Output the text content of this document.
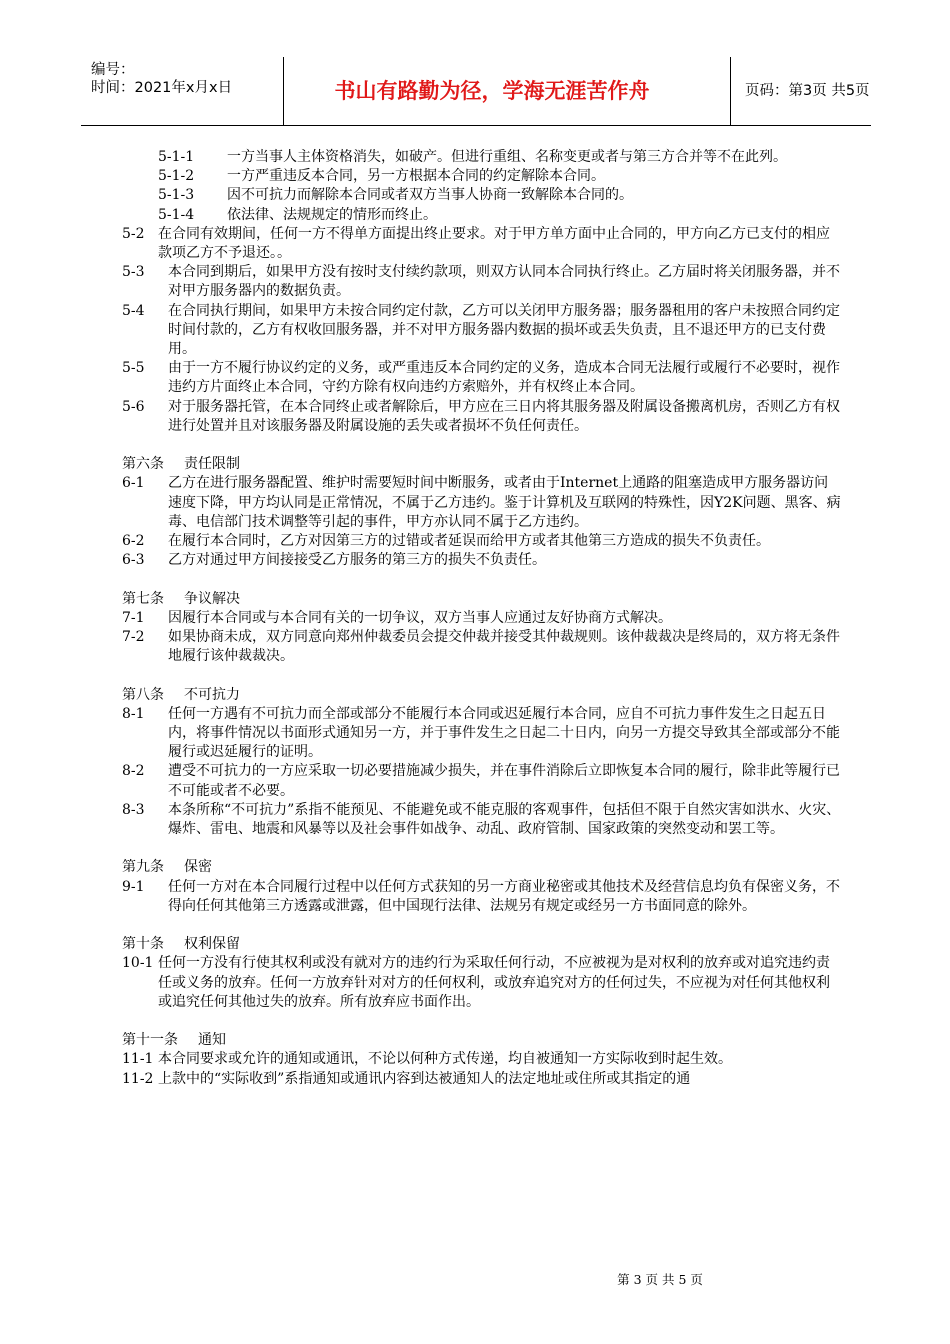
编号：
时间：2021年x月x日	书山有路勤为径，学海无涯苦作舟	页码：第3页 共5页
5-1-1 一方当事人主体资格消失，如破产。但进行重组、名称变更或者与第三方合并等不在此列。
5-1-2 一方严重违反本合同，另一方根据本合同的约定解除本合同。
5-1-3 因不可抗力而解除本合同或者双方当事人协商一致解除本合同的。
5-1-4 依法律、法规规定的情形而终止。
5-2 在合同有效期间，任何一方不得单方面提出终止要求。对于甲方单方面中止合同的，甲方向乙方已支付的相应款项乙方不予退还。。
5-3 本合同到期后，如果甲方没有按时支付续约款项，则双方认同本合同执行终止。乙方届时将关闭服务器，并不对甲方服务器内的数据负责。
5-4 在合同执行期间，如果甲方未按合同约定付款，乙方可以关闭甲方服务器；服务器租用的客户未按照合同约定时间付款的，乙方有权收回服务器，并不对甲方服务器内数据的损坏或丢失负责，且不退还甲方的已支付费用。
5-5 由于一方不履行协议约定的义务，或严重违反本合同约定的义务，造成本合同无法履行或履行不必要时，视作违约方片面终止本合同，守约方除有权向违约方索赔外，并有权终止本合同。
5-6 对于服务器托管，在本合同终止或者解除后，甲方应在三日内将其服务器及附属设备搬离机房，否则乙方有权进行处置并且对该服务器及附属设施的丢失或者损坏不负任何责任。
第六条 责任限制
6-1 乙方在进行服务器配置、维护时需要短时间中断服务，或者由于Internet上通路的阻塞造成甲方服务器访问速度下降，甲方均认同是正常情况，不属于乙方违约。鉴于计算机及互联网的特殊性，因Y2K问题、黑客、病毒、电信部门技术调整等引起的事件，甲方亦认同不属于乙方违约。
6-2 在履行本合同时，乙方对因第三方的过错或者延误而给甲方或者其他第三方造成的损失不负责任。
6-3 乙方对通过甲方间接接受乙方服务的第三方的损失不负责任。
第七条 争议解决
7-1 因履行本合同或与本合同有关的一切争议，双方当事人应通过友好协商方式解决。
7-2 如果协商未成，双方同意向郑州仲裁委员会提交仲裁并接受其仲裁规则。该仲裁裁决是终局的，双方将无条件地履行该仲裁裁决。
第八条 不可抗力
8-1 任何一方遇有不可抗力而全部或部分不能履行本合同或迟延履行本合同，应自不可抗力事件发生之日起五日内，将事件情况以书面形式通知另一方，并于事件发生之日起二十日内，向另一方提交导致其全部或部分不能履行或迟延履行的证明。
8-2 遭受不可抗力的一方应采取一切必要措施减少损失，并在事件消除后立即恢复本合同的履行，除非此等履行已不可能或者不必要。
8-3 本条所称“不可抗力”系指不能预见、不能避免或不能克服的客观事件，包括但不限于自然灾害如洪水、火灾、爆炸、雷电、地震和风暴等以及社会事件如战争、动乱、政府管制、国家政策的突然变动和罢工等。
第九条 保密
9-1 任何一方对在本合同履行过程中以任何方式获知的另一方商业秘密或其他技术及经营信息均负有保密义务，不得向任何其他第三方透露或泄露，但中国现行法律、法规另有规定或经另一方书面同意的除外。
第十条 权利保留
10-1 任何一方没有行使其权利或没有就对方的违约行为采取任何行动，不应被视为是对权利的放弃或对追究违约责任或义务的放弃。任何一方放弃针对对方的任何权利，或放弃追究对方的任何过失，不应视为对任何其他权利或追究任何其他过失的放弃。所有放弃应书面作出。
第十一条 通知
11-1 本合同要求或允许的通知或通讯，不论以何种方式传递，均自被通知一方实际收到时起生效。
11-2 上款中的“实际收到”系指通知或通讯内容到达被通知人的法定地址或住所或其指定的通
第 3 页 共 5 页
